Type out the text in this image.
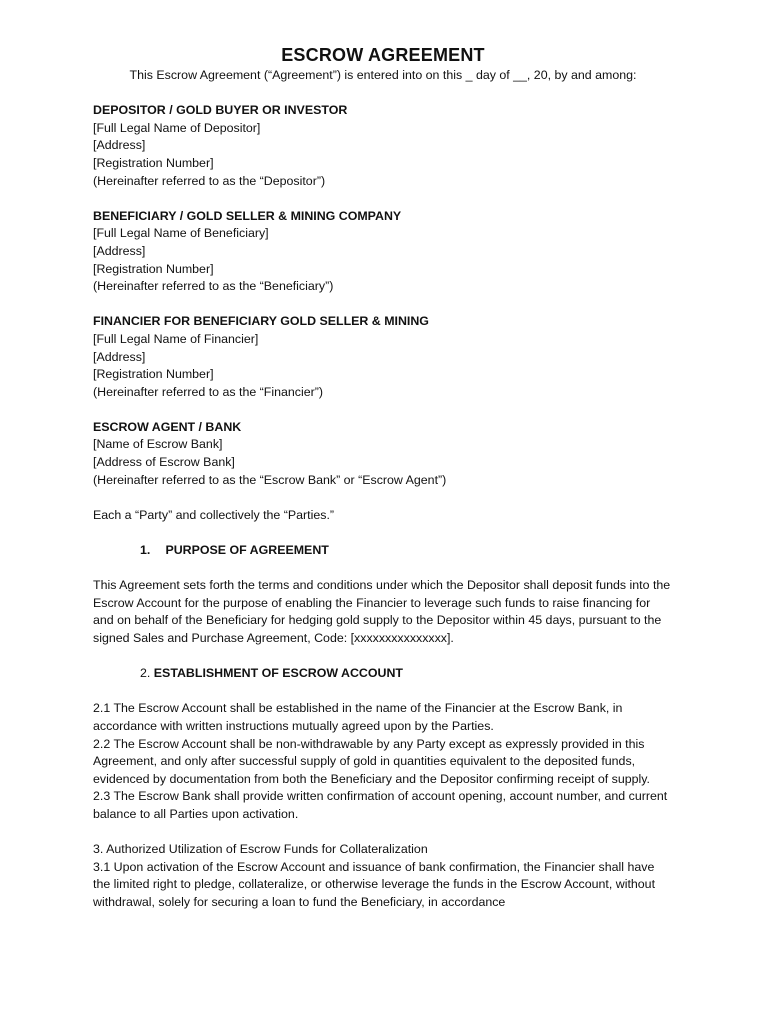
ESCROW AGREEMENT

This Escrow Agreement (“Agreement”) is entered into on this _ day of __, 20, by and among:

DEPOSITOR / GOLD BUYER OR INVESTOR

[Full Legal Name of Depositor]

[Address]

[Registration Number]

(Hereinafter referred to as the “Depositor”)

BENEFICIARY / GOLD SELLER & MINING COMPANY

[Full Legal Name of Beneficiary]

[Address]

[Registration Number]

(Hereinafter referred to as the “Beneficiary”)

FINANCIER FOR BENEFICIARY GOLD SELLER & MINING

[Full Legal Name of Financier]

[Address]

[Registration Number]

(Hereinafter referred to as the “Financier”)

ESCROW AGENT / BANK

[Name of Escrow Bank]

[Address of Escrow Bank]

(Hereinafter referred to as the “Escrow Bank” or “Escrow Agent”)

Each a “Party” and collectively the “Parties.”

1. PURPOSE OF AGREEMENT

This Agreement sets forth the terms and conditions under which the Depositor shall deposit funds into the Escrow Account for the purpose of enabling the Financier to leverage such funds to raise financing for and on behalf of the Beneficiary for hedging gold supply to the Depositor within 45 days, pursuant to the signed Sales and Purchase Agreement, Code: [xxxxxxxxxxxxxxx].

2. ESTABLISHMENT OF ESCROW ACCOUNT

2.1 The Escrow Account shall be established in the name of the Financier at the Escrow Bank, in accordance with written instructions mutually agreed upon by the Parties.

2.2 The Escrow Account shall be non-withdrawable by any Party except as expressly provided in this Agreement, and only after successful supply of gold in quantities equivalent to the deposited funds, evidenced by documentation from both the Beneficiary and the Depositor confirming receipt of supply.

2.3 The Escrow Bank shall provide written confirmation of account opening, account number, and current balance to all Parties upon activation.

3. Authorized Utilization of Escrow Funds for Collateralization

3.1 Upon activation of the Escrow Account and issuance of bank confirmation, the Financier shall have the limited right to pledge, collateralize, or otherwise leverage the funds in the Escrow Account, without withdrawal, solely for securing a loan to fund the Beneficiary, in accordance
